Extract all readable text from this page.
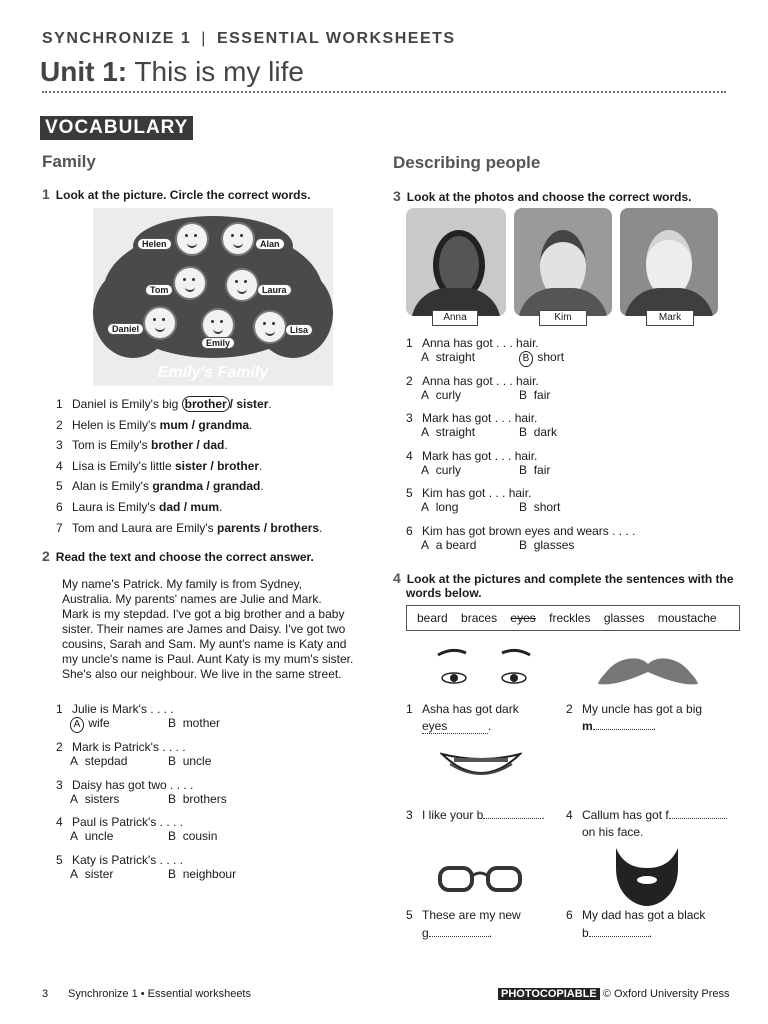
SYNCHRONIZE 1 | ESSENTIAL WORKSHEETS
Unit 1: This is my life
VOCABULARY
Family
1 Look at the picture. Circle the correct words.
Helen	Alan
Tom	Laura
Daniel
Emily
Lisa
Emily's Family
1 Daniel is Emily's big brother / sister.
2 Helen is Emily's mum / grandma.
3 Tom is Emily's brother / dad.
4 Lisa is Emily's little sister / brother.
5 Alan is Emily's grandma / grandad.
6 Laura is Emily's dad / mum.
7 Tom and Laura are Emily's parents / brothers.
2 Read the text and choose the correct answer.
My name's Patrick. My family is from Sydney,
Australia. My parents' names are Julie and Mark.
Mark is my stepdad. I've got a big brother and a baby
sister. Their names are James and Daisy. I've got two
cousins, Sarah and Sam. My aunt's name is Katy and
my uncle's name is Paul. Aunt Katy is my mum's sister.
She's also our neighbour. We live in the same street.
1 Julie is Mark's . . . .
A wife	B mother
2 Mark is Patrick's . . . .
A stepdad	B uncle
3 Daisy has got two . . . .
A sisters	B brothers
4 Paul is Patrick's . . . .
A uncle	B cousin
5 Katy is Patrick's . . . .
A sister	B neighbour
Describing people
3 Look at the photos and choose the correct words.
Anna	Kim	Mark
1 Anna has got . . . hair.
A straight	B short
2 Anna has got . . . hair.
A curly	B fair
3 Mark has got . . . hair.
A straight	B dark
4 Mark has got . . . hair.
A curly	B fair
5 Kim has got . . . hair.
A long	B short
6 Kim has got brown eyes and wears . . . .
A a beard	B glasses
4 Look at the pictures and complete the sentences with the
words below.
beard braces eyes freckles glasses moustache
1 Asha has got dark
eyes	.
2 My uncle has got a big
m	.
3 I like your b	. 4 Callum has got f
on his face.
5 These are my new
g	.
6 My dad has got a black
b	.
3 Synchronize 1 • Essential worksheets	PHOTOCOPIABLE © Oxford University Press
